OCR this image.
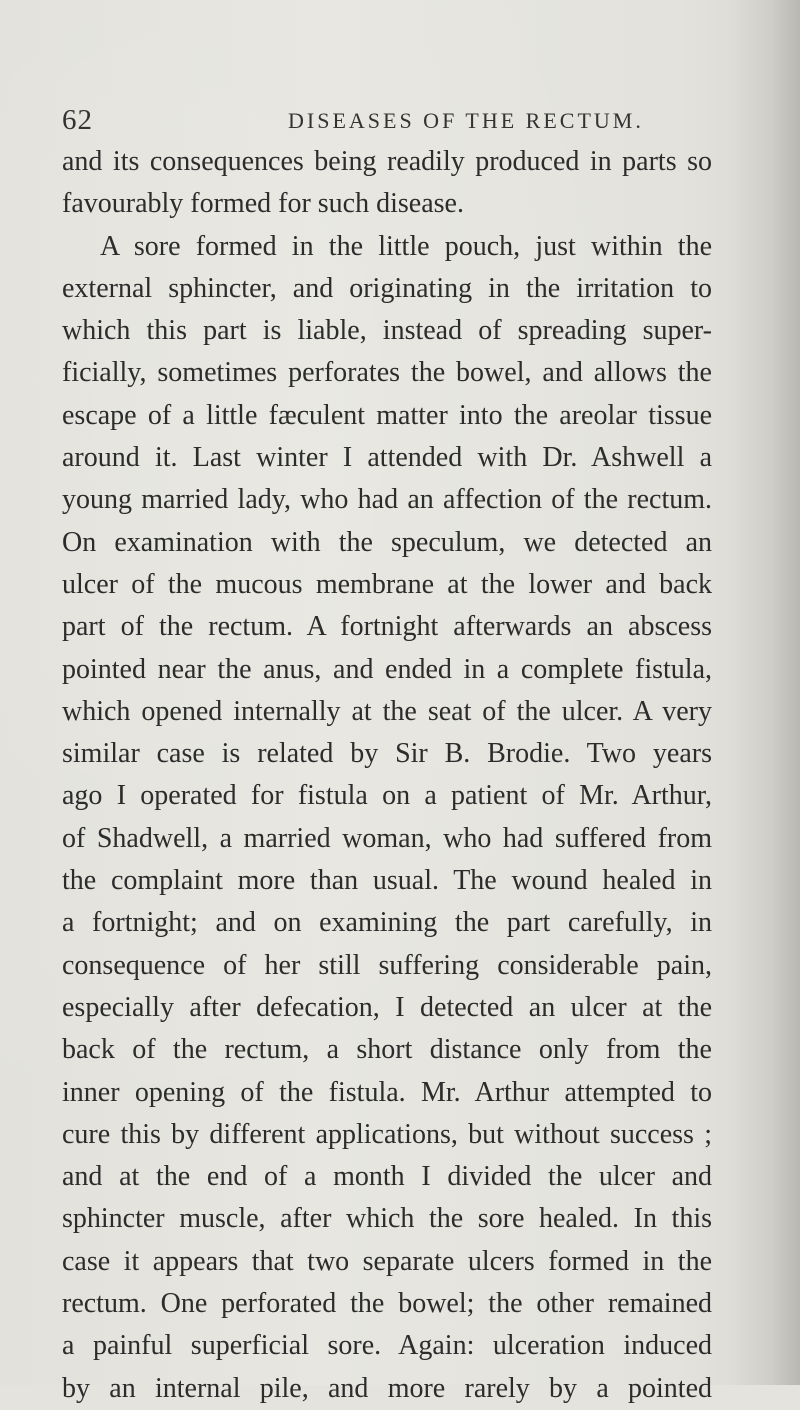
62	DISEASES OF THE RECTUM.
and its consequences being readily produced in parts so
favourably formed for such disease.
A sore formed in the little pouch, just within the
external sphincter, and originating in the irritation to
which this part is liable, instead of spreading super-
ficially, sometimes perforates the bowel, and allows the
escape of a little fæculent matter into the areolar tissue
around it. Last winter I attended with Dr. Ashwell a
young married lady, who had an affection of the rectum.
On examination with the speculum, we detected an
ulcer of the mucous membrane at the lower and back
part of the rectum. A fortnight afterwards an abscess
pointed near the anus, and ended in a complete fistula,
which opened internally at the seat of the ulcer. A very
similar case is related by Sir B. Brodie. Two years
ago I operated for fistula on a patient of Mr. Arthur,
of Shadwell, a married woman, who had suffered from
the complaint more than usual. The wound healed in
a fortnight; and on examining the part carefully, in
consequence of her still suffering considerable pain,
especially after defecation, I detected an ulcer at the
back of the rectum, a short distance only from the
inner opening of the fistula. Mr. Arthur attempted to
cure this by different applications, but without success ;
and at the end of a month I divided the ulcer and
sphincter muscle, after which the sore healed. In this
case it appears that two separate ulcers formed in the
rectum. One perforated the bowel; the other remained
a painful superficial sore. Again: ulceration induced
by an internal pile, and more rarely by a pointed
